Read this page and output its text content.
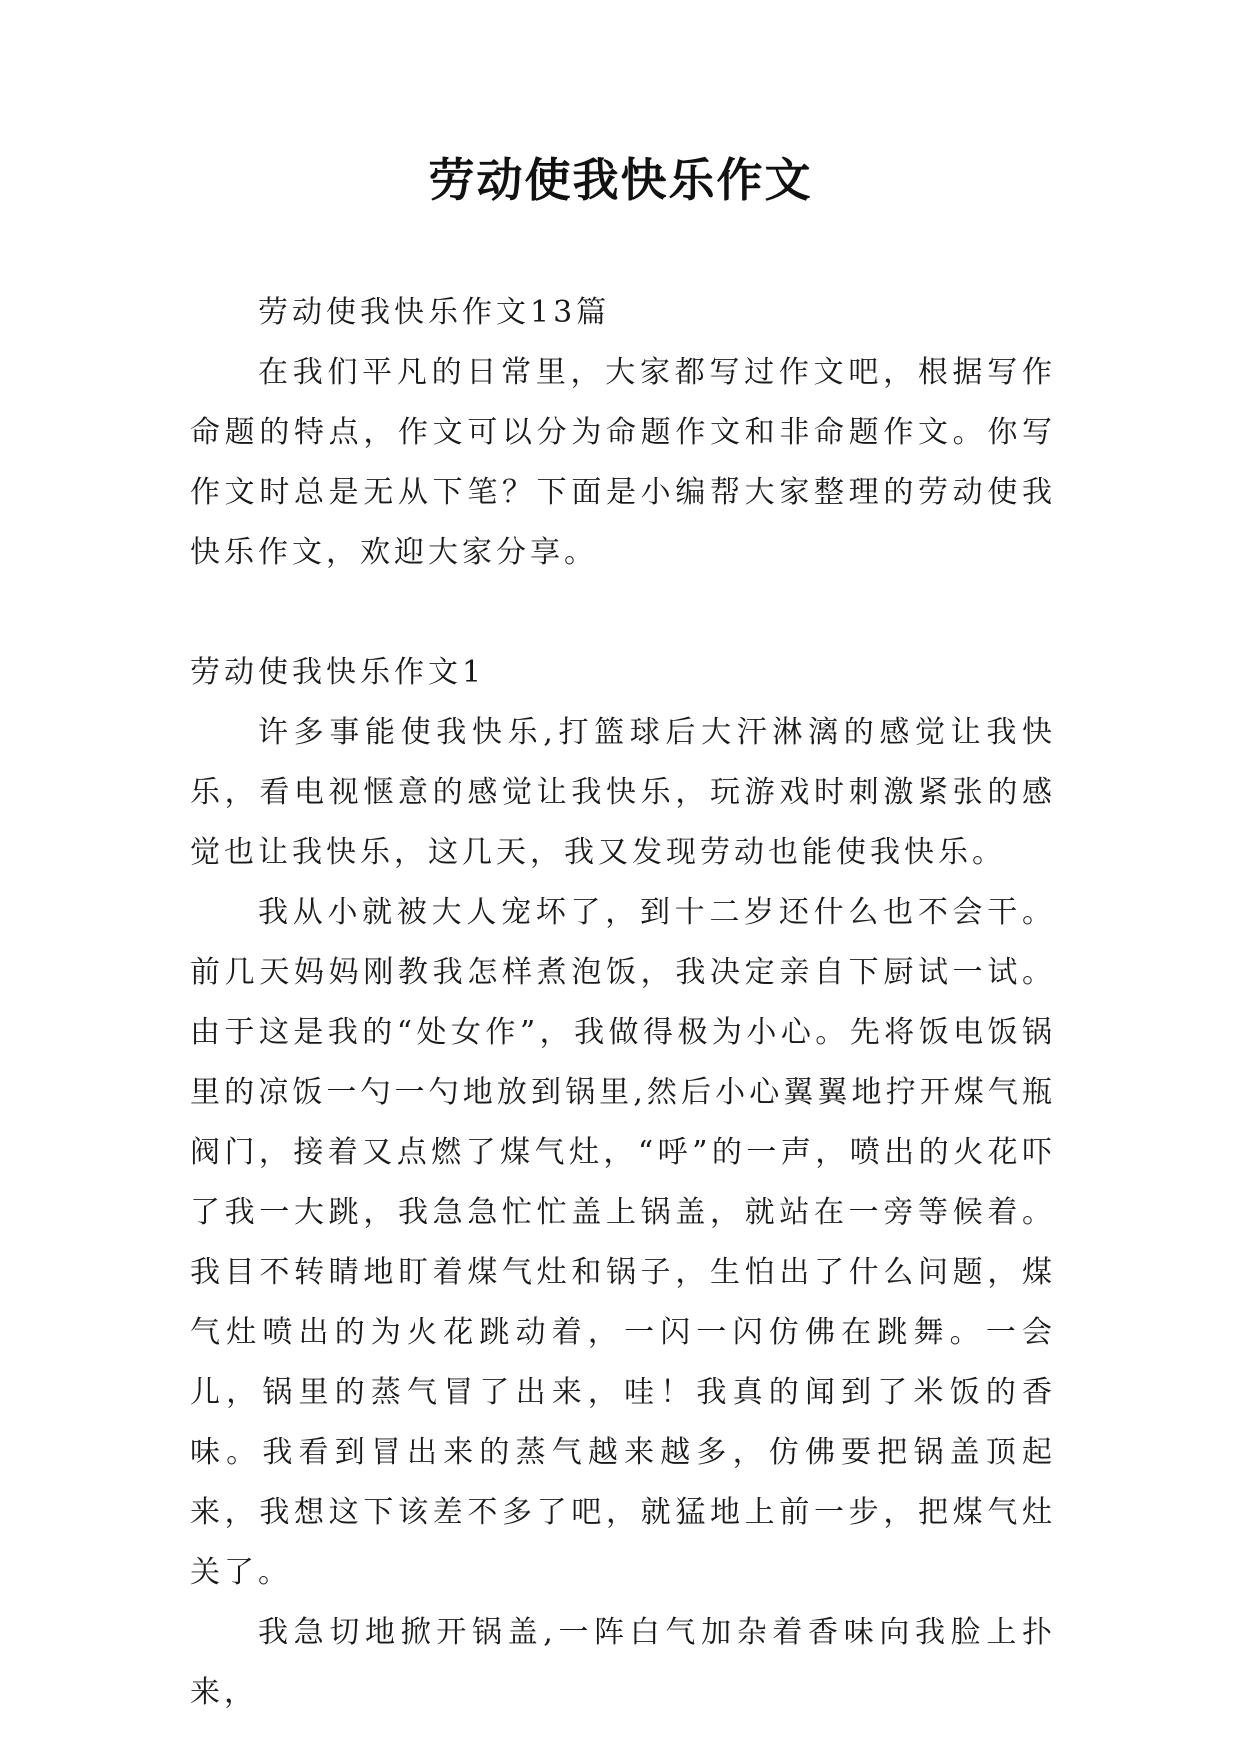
劳动使我快乐作文

劳动使我快乐作文13篇

在我们平凡的日常里，大家都写过作文吧，根据写作命题的特点，作文可以分为命题作文和非命题作文。你写作文时总是无从下笔？下面是小编帮大家整理的劳动使我快乐作文，欢迎大家分享。

劳动使我快乐作文1

许多事能使我快乐,打篮球后大汗淋漓的感觉让我快乐，看电视惬意的感觉让我快乐，玩游戏时刺激紧张的感觉也让我快乐，这几天，我又发现劳动也能使我快乐。

我从小就被大人宠坏了，到十二岁还什么也不会干。前几天妈妈刚教我怎样煮泡饭，我决定亲自下厨试一试。由于这是我的“处女作”，我做得极为小心。先将饭电饭锅里的凉饭一勺一勺地放到锅里,然后小心翼翼地拧开煤气瓶阀门，接着又点燃了煤气灶，“呼”的一声，喷出的火花吓了我一大跳，我急急忙忙盖上锅盖，就站在一旁等候着。我目不转睛地盯着煤气灶和锅子，生怕出了什么问题，煤气灶喷出的为火花跳动着，一闪一闪仿佛在跳舞。一会儿，锅里的蒸气冒了出来，哇！我真的闻到了米饭的香味。我看到冒出来的蒸气越来越多，仿佛要把锅盖顶起来，我想这下该差不多了吧，就猛地上前一步，把煤气灶关了。

我急切地掀开锅盖,一阵白气加杂着香味向我脸上扑来，
